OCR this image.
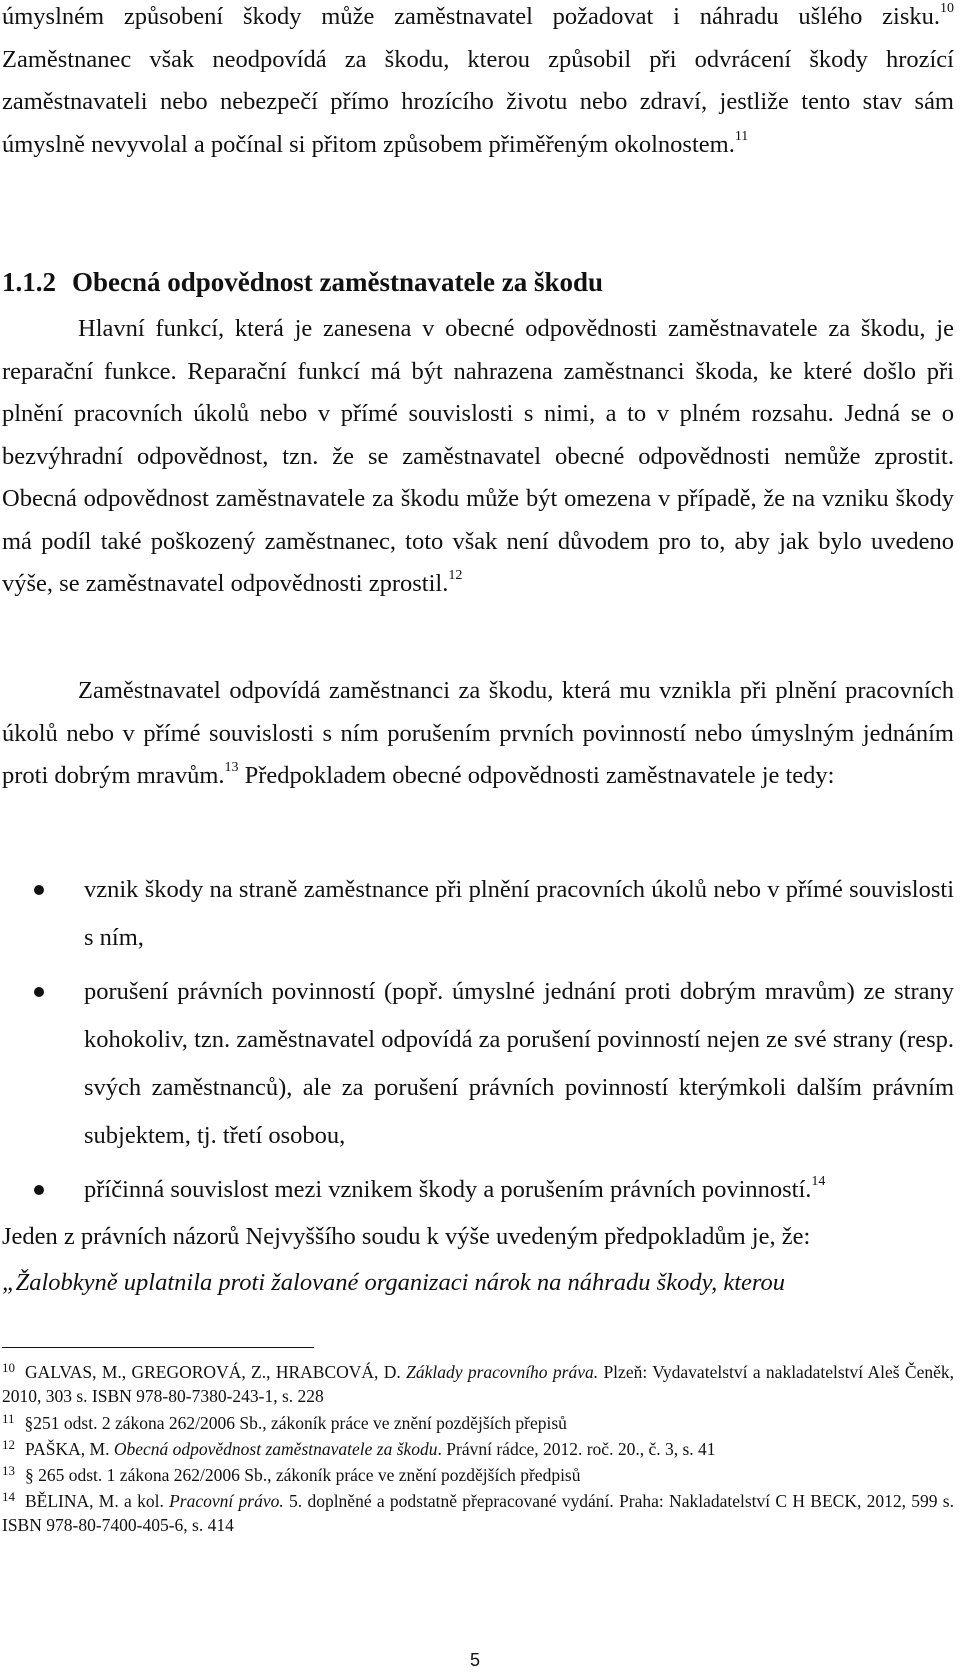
úmyslném způsobení škody může zaměstnavatel požadovat i náhradu ušlého zisku.$^{10}$ Zaměstnanec však neodpovídá za škodu, kterou způsobil při odvrácení škody hrozící zaměstnavateli nebo nebezpečí přímo hrozícího životu nebo zdraví, jestliže tento stav sám úmyslně nevyvolal a počínal si přitom způsobem přiměřeným okolnostem.$^{11}$

1.1.2 Obecná odpovědnost zaměstnavatele za škodu

Hlavní funkcí, která je zanesena v obecné odpovědnosti zaměstnavatele za škodu, je reparační funkce. Reparační funkcí má být nahrazena zaměstnanci škoda, ke které došlo při plnění pracovních úkolů nebo v přímé souvislosti s nimi, a to v plném rozsahu. Jedná se o bezvýhradní odpovědnost, tzn. že se zaměstnavatel obecné odpovědnosti nemůže zprostit. Obecná odpovědnost zaměstnavatele za škodu může být omezena v případě, že na vzniku škody má podíl také poškozený zaměstnanec, toto však není důvodem pro to, aby jak bylo uvedeno výše, se zaměstnavatel odpovědnosti zprostil.$^{12}$

Zaměstnavatel odpovídá zaměstnanci za škodu, která mu vznikla při plnění pracovních úkolů nebo v přímé souvislosti s ním porušením prvních povinností nebo úmyslným jednáním proti dobrým mravům.$^{13}$ Předpokladem obecné odpovědnosti zaměstnavatele je tedy:

vznik škody na straně zaměstnance při plnění pracovních úkolů nebo v přímé souvislosti s ním,
porušení právních povinností (popř. úmyslné jednání proti dobrým mravům) ze strany kohokoliv, tzn. zaměstnavatel odpovídá za porušení povinností nejen ze své strany (resp. svých zaměstnanců), ale za porušení právních povinností kterýmkoli dalším právním subjektem, tj. třetí osobou,
příčinná souvislost mezi vznikem škody a porušením právních povinností.$^{14}$

Jeden z právních názorů Nejvyššího soudu k výše uvedeným předpokladům je, že:
„Žalobkyně uplatnila proti žalované organizaci nárok na náhradu škody, kterou

$^{10}$ GALVAS, M., GREGOROVÁ, Z., HRABCOVÁ, D. Základy pracovního práva. Plzeň: Vydavatelství a nakladatelství Aleš Čeněk, 2010, 303 s. ISBN 978-80-7380-243-1, s. 228

$^{11}$ §251 odst. 2 zákona 262/2006 Sb., zákoník práce ve znění pozdějších přepisů

$^{12}$ PAŠKA, M. Obecná odpovědnost zaměstnavatele za škodu. Právní rádce, 2012. roč. 20., č. 3, s. 41

$^{13}$ § 265 odst. 1 zákona 262/2006 Sb., zákoník práce ve znění pozdějších předpisů

$^{14}$ BĚLINA, M. a kol. Pracovní právo. 5. doplněné a podstatně přepracované vydání. Praha: Nakladatelství C H BECK, 2012, 599 s. ISBN 978-80-7400-405-6, s. 414

5
